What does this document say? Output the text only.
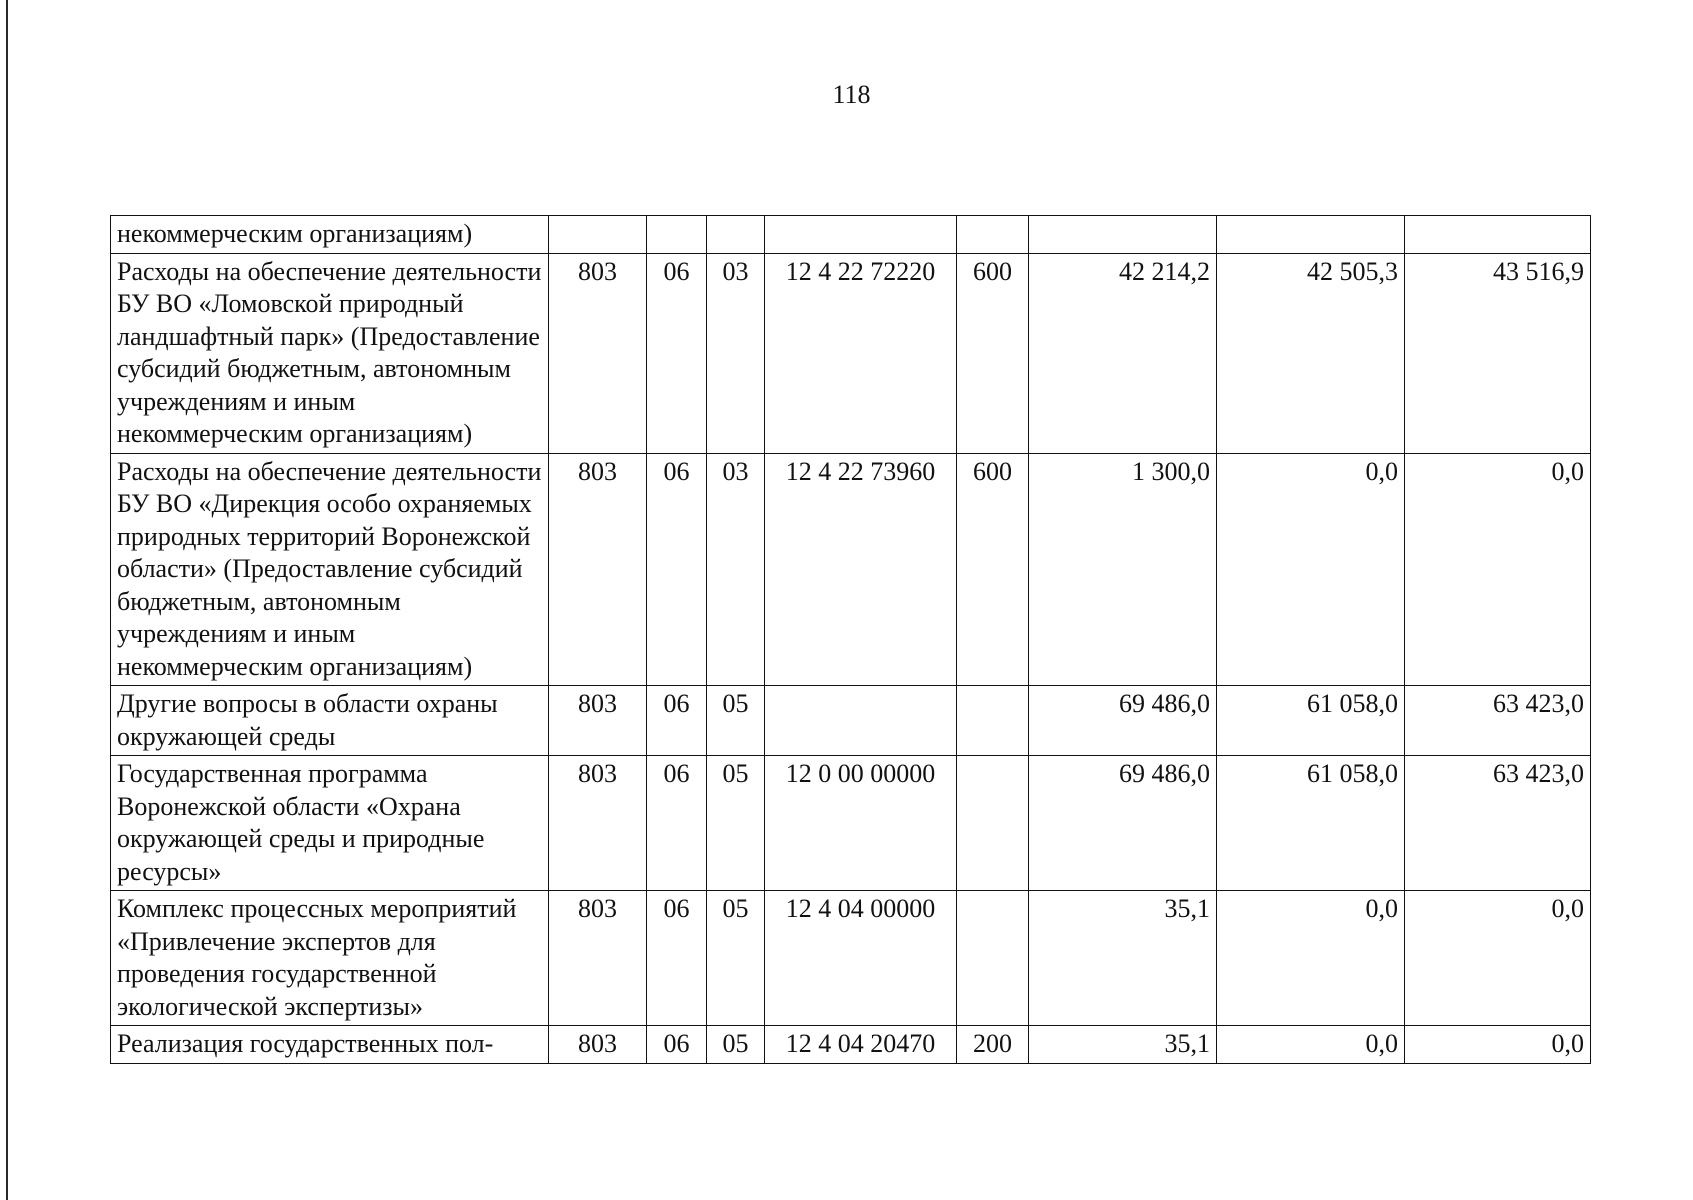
118
некоммерческим организациям)								
Расходы на обеспечение деятельности БУ ВО «Ломовской природный ландшафтный парк» (Предоставление субсидий бюджетным, автономным учреждениям и иным некоммерческим организациям)	803	06	03	12 4 22 72220	600	42 214,2	42 505,3	43 516,9
Расходы на обеспечение деятельности БУ ВО «Дирекция особо охраняемых природных территорий Воронежской области» (Предоставление субсидий бюджетным, автономным учреждениям и иным некоммерческим организациям)	803	06	03	12 4 22 73960	600	1 300,0	0,0	0,0
Другие вопросы в области охраны окружающей среды	803	06	05			69 486,0	61 058,0	63 423,0
Государственная программа Воронежской области «Охрана окружающей среды и природные ресурсы»	803	06	05	12 0 00 00000		69 486,0	61 058,0	63 423,0
Комплекс процессных мероприятий «Привлечение экспертов для проведения государственной экологической экспертизы»	803	06	05	12 4 04 00000		35,1	0,0	0,0
Реализация государственных пол-	803	06	05	12 4 04 20470	200	35,1	0,0	0,0
